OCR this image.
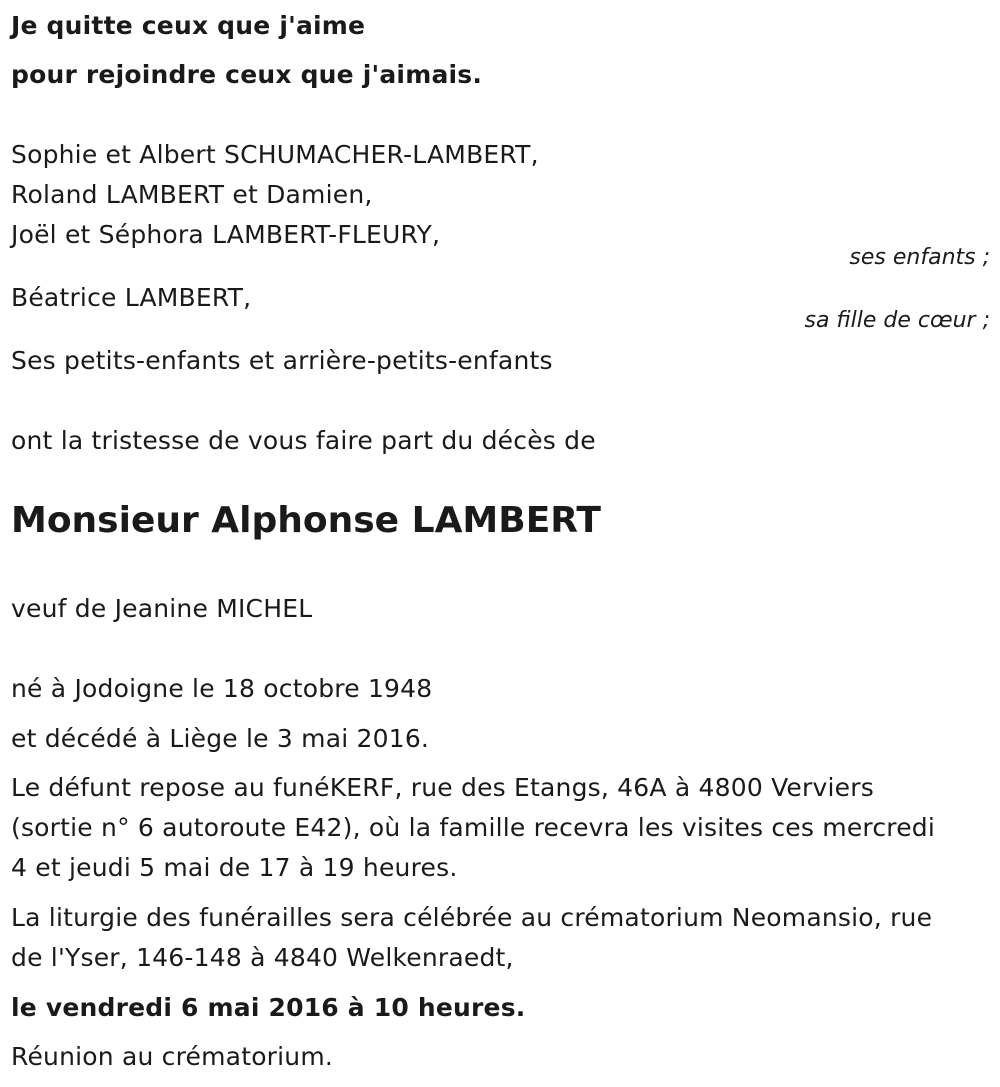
Je quitte ceux que j'aime
pour rejoindre ceux que j'aimais.
Sophie et Albert SCHUMACHER-LAMBERT,
Roland LAMBERT et Damien,
Joël et Séphora LAMBERT-FLEURY,
ses enfants ;
Béatrice LAMBERT,
sa fille de cœur ;
Ses petits-enfants et arrière-petits-enfants
ont la tristesse de vous faire part du décès de
Monsieur Alphonse LAMBERT
veuf de Jeanine MICHEL
né à Jodoigne le 18 octobre 1948
et décédé à Liège le 3 mai 2016.
Le défunt repose au funéKERF, rue des Etangs, 46A à 4800 Verviers
(sortie n° 6 autoroute E42), où la famille recevra les visites ces mercredi
4 et jeudi 5 mai de 17 à 19 heures.
La liturgie des funérailles sera célébrée au crématorium Neomansio, rue
de l'Yser, 146-148 à 4840 Welkenraedt,
le vendredi 6 mai 2016 à 10 heures.
Réunion au crématorium.
